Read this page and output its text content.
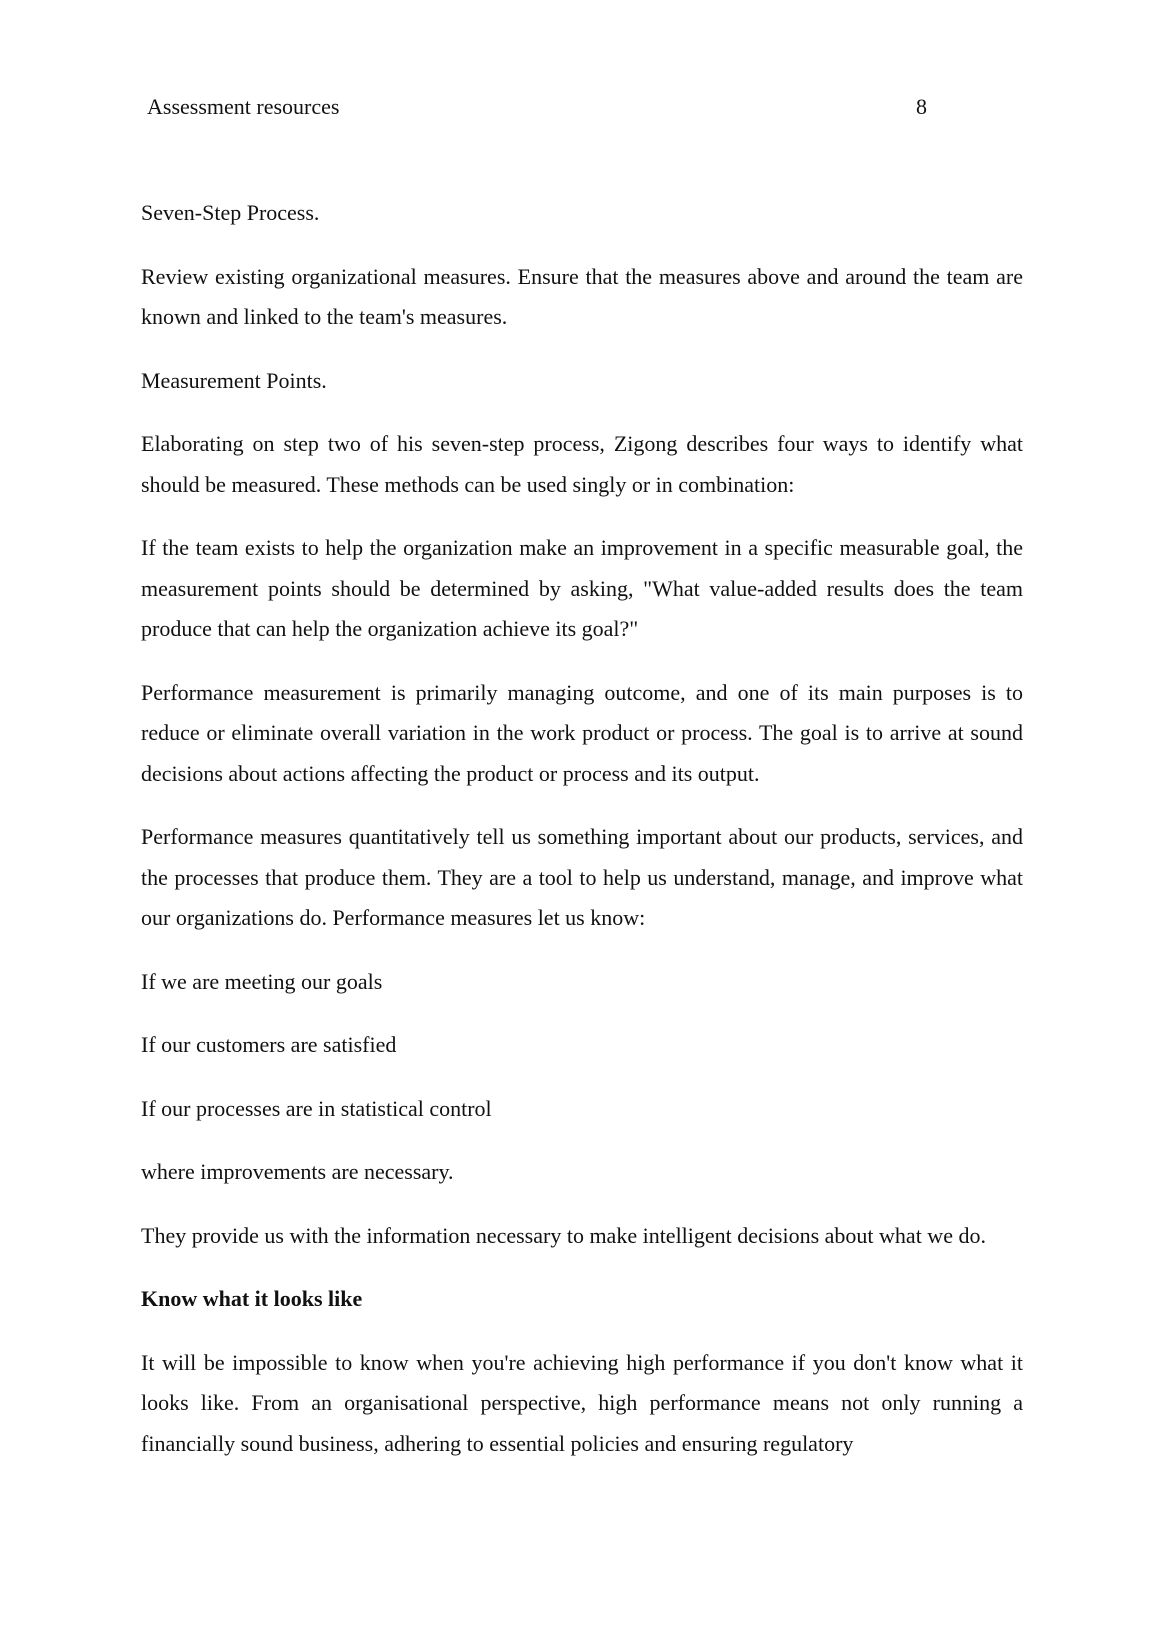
Assessment resources	8

Seven-Step Process.

Review existing organizational measures. Ensure that the measures above and around the team are known and linked to the team's measures.

Measurement Points.

Elaborating on step two of his seven-step process, Zigong describes four ways to identify what should be measured. These methods can be used singly or in combination:

If the team exists to help the organization make an improvement in a specific measurable goal, the measurement points should be determined by asking, "What value-added results does the team produce that can help the organization achieve its goal?"

Performance measurement is primarily managing outcome, and one of its main purposes is to reduce or eliminate overall variation in the work product or process. The goal is to arrive at sound decisions about actions affecting the product or process and its output.

Performance measures quantitatively tell us something important about our products, services, and the processes that produce them. They are a tool to help us understand, manage, and improve what our organizations do. Performance measures let us know:

If we are meeting our goals

If our customers are satisfied

If our processes are in statistical control

where improvements are necessary.

They provide us with the information necessary to make intelligent decisions about what we do.

Know what it looks like

It will be impossible to know when you're achieving high performance if you don't know what it looks like. From an organisational perspective, high performance means not only running a financially sound business, adhering to essential policies and ensuring regulatory
